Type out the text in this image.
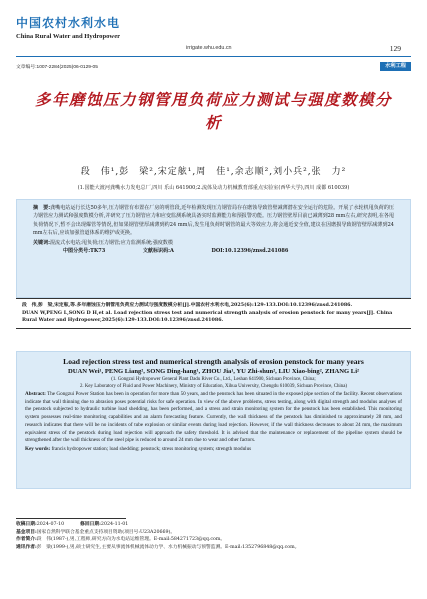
中国农村水利水电
China Rural Water and Hydropower
irrigate.whu.edu.cn	129
文章编号:1007-2284(2025)06-0129-05	水利工程
多年磨蚀压力钢管甩负荷应力测试与强度数模分析
段　伟¹,彭　梁²,宋定舷¹,周　佳¹,余志顺²,刘小兵²,张　力²
(1.国能大渡河龚嘴水力发电总厂,四川 乐山 641900;2.流体及动力机械教育部重点实验室(西华大学),四川 成都 610039)

摘　要:龚嘴电站运行长达50多年,压力钢管有布置在厂房的明管段,近年检测发现压力钢管局存在磨蚀导致管壁减薄潜在安全运行的危险。开展了水轮机甩负荷的压力钢管应力测试和强度数模分析,并研究了压力钢管应力和应变监测系统具备实时监测能力和预报警功能。压力钢管壁厚目前已减薄到28 mm左右,研究表明,在各甩负荷情况下,暂不会出现爆管等情况,但如果钢管壁厚减薄到约24 mm后,发生甩负荷时钢管的最大等效应力,将会通近安全值,建议在因磨损导致钢管壁厚减薄到24 mm左右后,应该加强管道体系的维护或更换。

关键词:混流式水电站;甩负荷;压力钢管;应力监测系统;强度数模

中图分类号:TK73	文献标识码:A	DOI:10.12396/znsd.241086

段　伟,彭　梁,宋定舷,等.多年磨蚀压力钢管甩负荷应力测试与强度数模分析[J].中国农村水利水电,2025(6):129-133.DOI:10.12396/znsd.241086.
DUAN W,PENG L,SONG D H,et al. Load rejection stress test and numerical strength analysis of erosion penstock for many years[J]. China Rural Water and Hydropower,2025(6):129-133.DOI:10.12396/znsd.241086.
Load rejection stress test and numerical strength analysis of erosion penstock for many years
DUAN Wei¹, PENG Liang², SONG Ding-hang¹, ZHOU Jia¹, YU Zhi-shun², LIU Xiao-bing², ZHANG Li²
(1. Gongzui Hydropower General Plant Dadu River Co., Ltd., Leshan 641900, Sichuan Province, China;
2. Key Laboratory of Fluid and Power Machinery, Ministry of Education, Xihua University, Chengdu 610039, Sichuan Province, China)

Abstract: The Gongzui Power Station has been in operation for more than 50 years, and the penstock has been situated in the exposed pipe section of the facility. Recent observations indicate that wall thinning due to abrasion poses potential risks for safe operation. In view of the above problems, stress testing, along with digital strength and modulus analyses of the penstock subjected to hydraulic turbine load shedding, has been performed, and a stress and strain monitoring system for the penstock has been established. This monitoring system possesses real-time monitoring capabilities and an alarm forecasting feature. Currently, the wall thickness of the penstock has diminished to approximately 28 mm, and research indicates that there will be no incidents of tube explosion or similar events during load rejection. However, if the wall thickness decreases to about 24 mm, the maximum equivalent stress of the penstock during load rejection will approach the safety threshold. It is advised that the maintenance or replacement of the pipeline system should be strengthened after the wall thickness of the steel pipe is reduced to around 24 mm due to wear and other factors.

Key words: francis hydropower station; load shedding; penstock; stress monitoring system; strength modulus

收稿日期:2024-07-10	修回日期:2024-11-01
基金项目:国家自然科学联合基金重点支持项目资助(项目号:U23A20669)。
作者简介:段　伟(1987-),男,工程师,研究方向为水电站运维管理。E-mail:584271723@qq.com。
通讯作者:彭　梁(1999-),男,硕士研究生,主要从事流体机械流体动力学、水力机械振动与预警监测。E-mail:1352796848@qq.com。
